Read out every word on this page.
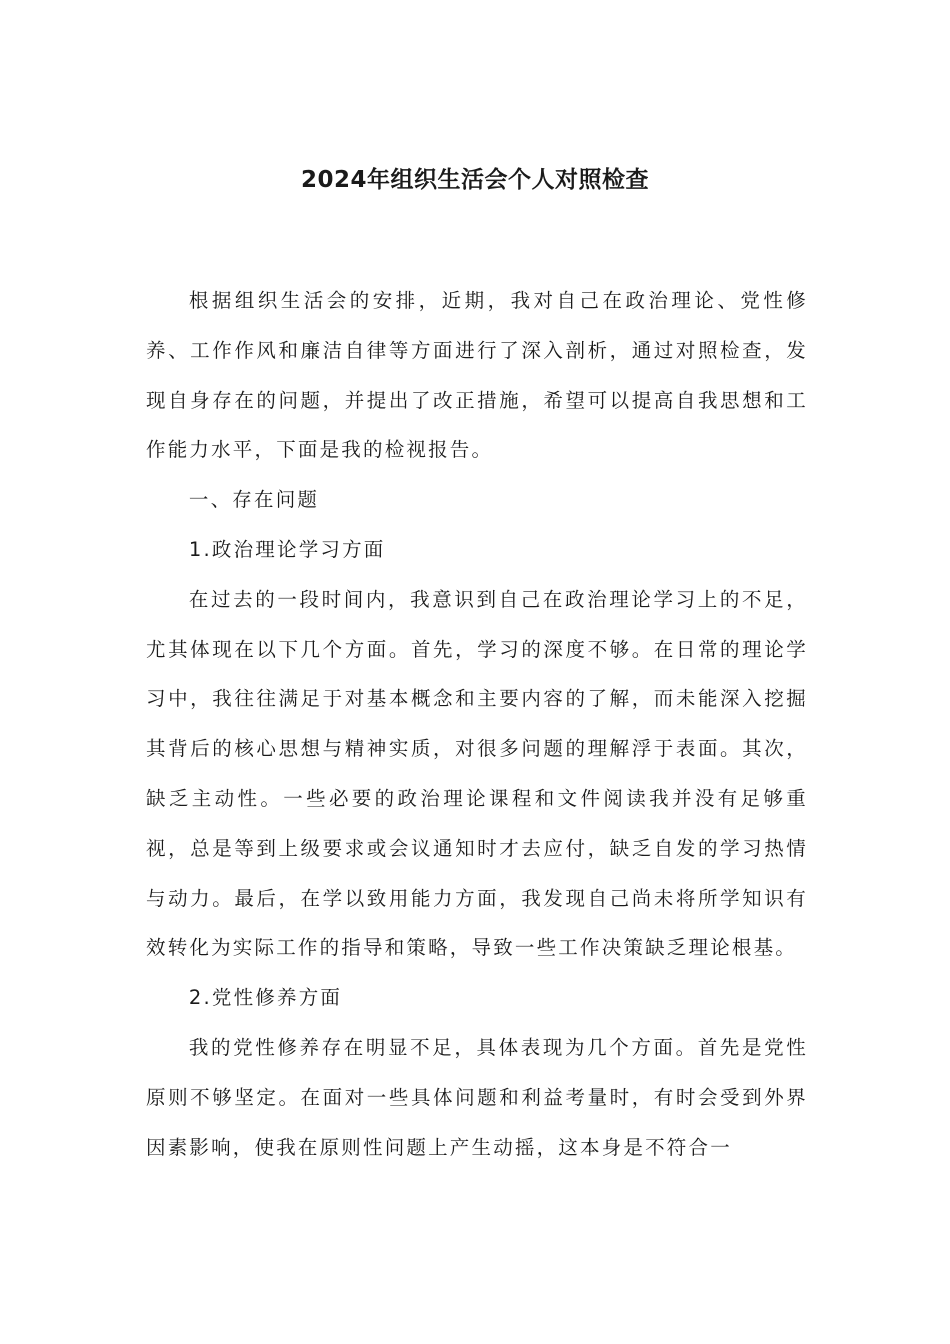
2024年组织生活会个人对照检查

根据组织生活会的安排，近期，我对自己在政治理论、党性修养、工作作风和廉洁自律等方面进行了深入剖析，通过对照检查，发现自身存在的问题，并提出了改正措施，希望可以提高自我思想和工作能力水平，下面是我的检视报告。

一、存在问题

1.政治理论学习方面

在过去的一段时间内，我意识到自己在政治理论学习上的不足，尤其体现在以下几个方面。首先，学习的深度不够。在日常的理论学习中，我往往满足于对基本概念和主要内容的了解，而未能深入挖掘其背后的核心思想与精神实质，对很多问题的理解浮于表面。其次，缺乏主动性。一些必要的政治理论课程和文件阅读我并没有足够重视，总是等到上级要求或会议通知时才去应付，缺乏自发的学习热情与动力。最后，在学以致用能力方面，我发现自己尚未将所学知识有效转化为实际工作的指导和策略，导致一些工作决策缺乏理论根基。

2.党性修养方面

我的党性修养存在明显不足，具体表现为几个方面。首先是党性原则不够坚定。在面对一些具体问题和利益考量时，有时会受到外界因素影响，使我在原则性问题上产生动摇，这本身是不符合一
